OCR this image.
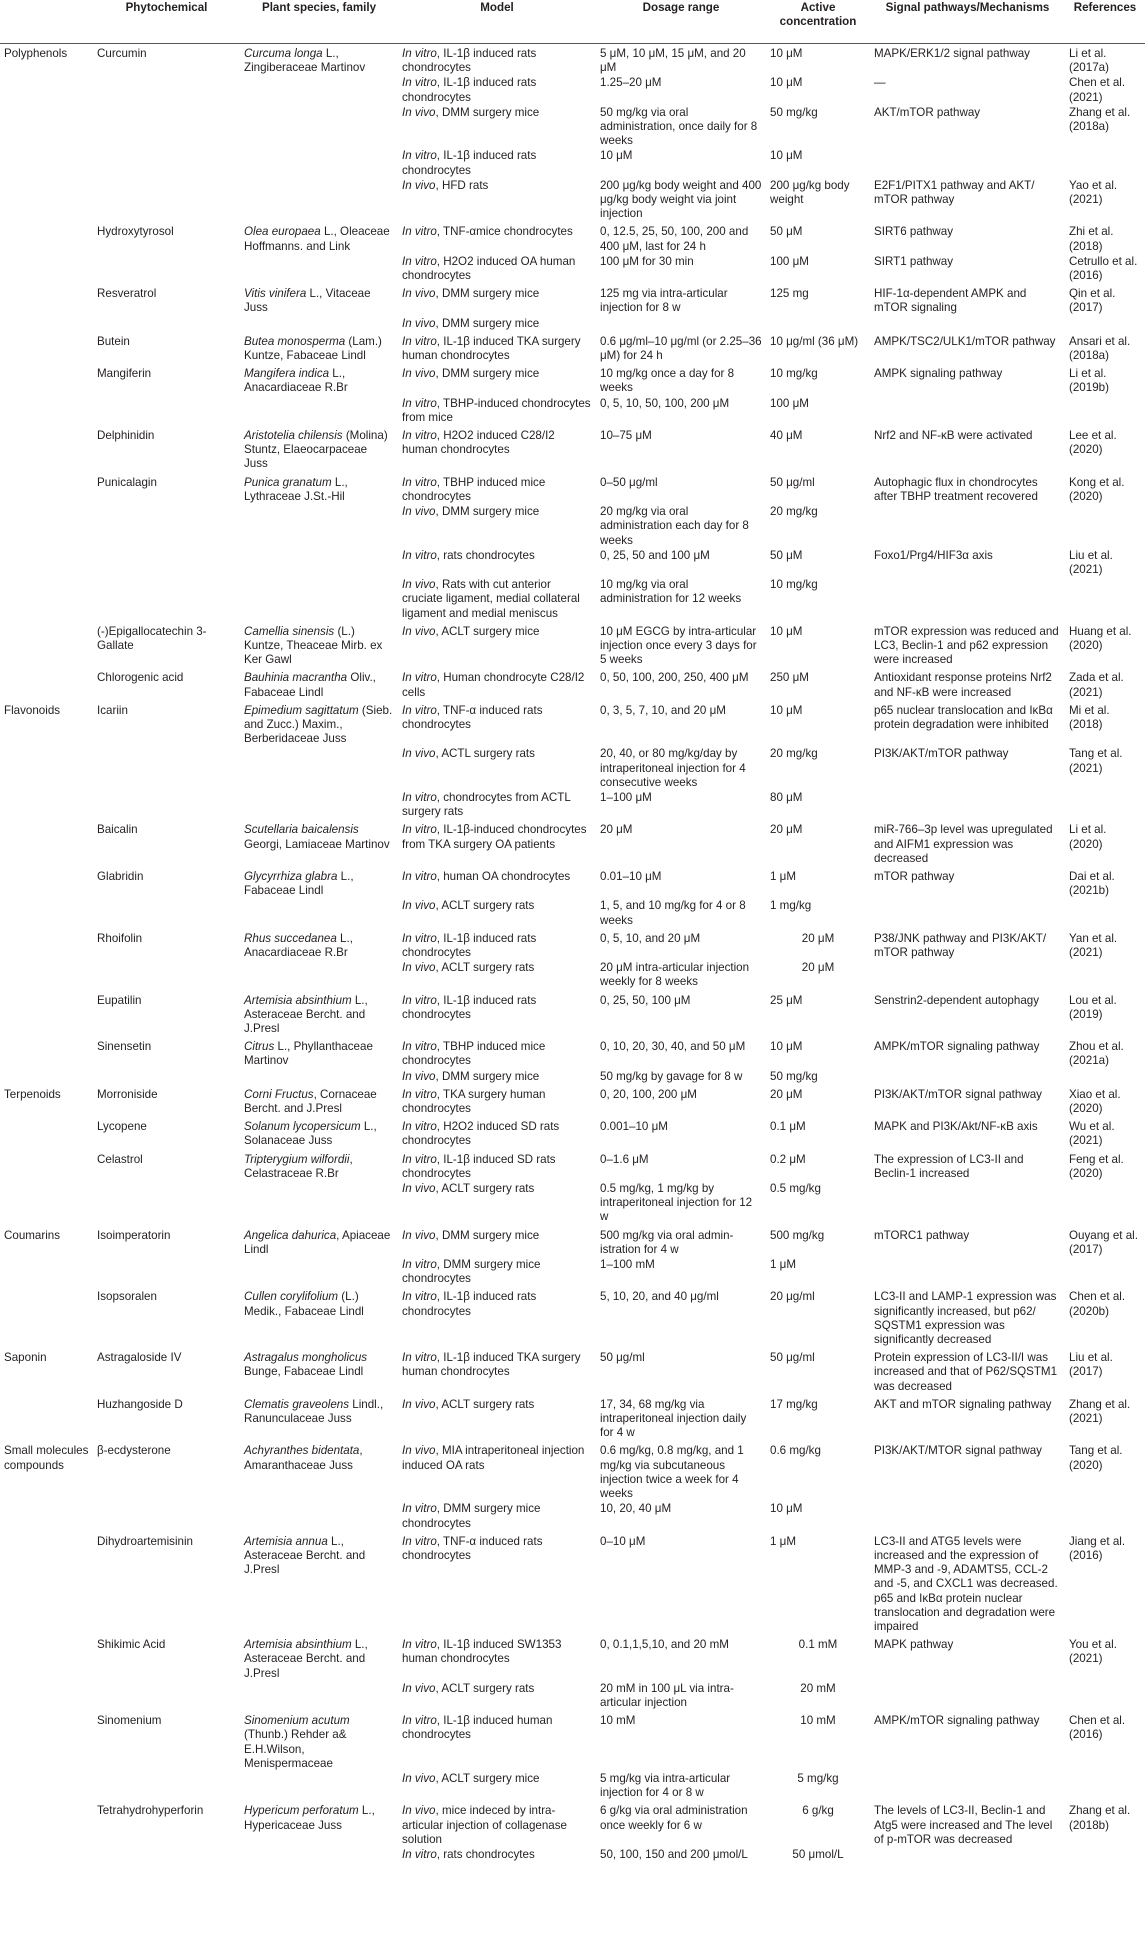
	Phytochemical	Plant species, family	Model	Dosage range	Active concentration	Signal pathways/Mechanisms	References
Polyphenols	Curcumin	Curcuma longa L., Zingiberaceae Martinov	In vitro, IL-1β induced rats chondrocytes	5 μM, 10 μM, 15 μM, and 20 μM	10 μM	MAPK/ERK1/2 signal pathway	Li et al. (2017a)
			In vitro, IL-1β induced rats chondrocytes	1.25–20 μM	10 μM	—	Chen et al. (2021)
			In vivo, DMM surgery mice	50 mg/kg via oral administration, once daily for 8 weeks	50 mg/kg	AKT/mTOR pathway	Zhang et al. (2018a)
			In vitro, IL-1β induced rats chondrocytes	10 μM	10 μM		
			In vivo, HFD rats	200 μg/kg body weight and 400 μg/kg body weight via joint injection	200 μg/kg body weight	E2F1/PITX1 pathway and AKT/ mTOR pathway	Yao et al. (2021)
	Hydroxytyrosol	Olea europaea L., Oleaceae Hoffmanns. and Link	In vitro, TNF-αmice chondrocytes	0, 12.5, 25, 50, 100, 200 and 400 μM, last for 24 h	50 μM	SIRT6 pathway	Zhi et al. (2018)
			In vitro, H2O2 induced OA human chondrocytes	100 μM for 30 min	100 μM	SIRT1 pathway	Cetrullo et al. (2016)
	Resveratrol	Vitis vinifera L., Vitaceae Juss	In vivo, DMM surgery mice	125 mg via intra-articular injection for 8 w	125 mg	HIF-1α-dependent AMPK and mTOR signaling	Qin et al. (2017)
			In vivo, DMM surgery mice				
	Butein	Butea monosperma (Lam.) Kuntze, Fabaceae Lindl	In vitro, IL-1β induced TKA surgery human chondrocytes	0.6 μg/ml–10 μg/ml (or 2.25–36 μM) for 24 h	10 μg/ml (36 μM)	AMPK/TSC2/ULK1/mTOR pathway	Ansari et al. (2018a)
	Mangiferin	Mangifera indica L., Anacardiaceae R.Br	In vivo, DMM surgery mice	10 mg/kg once a day for 8 weeks	10 mg/kg	AMPK signaling pathway	Li et al. (2019b)
			In vitro, TBHP-induced chondrocytes from mice	0, 5, 10, 50, 100, 200 μM	100 μM		
	Delphinidin	Aristotelia chilensis (Molina) Stuntz, Elaeocarpaceae Juss	In vitro, H2O2 induced C28/I2 human chondrocytes	10–75 μM	40 μM	Nrf2 and NF-κB were activated	Lee et al. (2020)
	Punicalagin	Punica granatum L., Lythraceae J.St.-Hil	In vitro, TBHP induced mice chondrocytes	0–50 μg/ml	50 μg/ml	Autophagic flux in chondrocytes after TBHP treatment recovered	Kong et al. (2020)
			In vivo, DMM surgery mice	20 mg/kg via oral administration each day for 8 weeks	20 mg/kg		
			In vitro, rats chondrocytes	0, 25, 50 and 100 μM	50 μM	Foxo1/Prg4/HIF3α axis	Liu et al. (2021)
			In vivo, Rats with cut anterior cruciate ligament, medial collateral ligament and medial meniscus	10 mg/kg via oral administration for 12 weeks	10 mg/kg		
	(-)Epigallocatechin 3-Gallate	Camellia sinensis (L.) Kuntze, Theaceae Mirb. ex Ker Gawl	In vivo, ACLT surgery mice	10 μM EGCG by intra-articular injection once every 3 days for 5 weeks	10 μM	mTOR expression was reduced and LC3, Beclin-1 and p62 expression were increased	Huang et al. (2020)
	Chlorogenic acid	Bauhinia macrantha Oliv., Fabaceae Lindl	In vitro, Human chondrocyte C28/I2 cells	0, 50, 100, 200, 250, 400 μM	250 μM	Antioxidant response proteins Nrf2 and NF-κB were increased	Zada et al. (2021)
Flavonoids	Icariin	Epimedium sagittatum (Sieb. and Zucc.) Maxim., Berberidaceae Juss	In vitro, TNF-α induced rats chondrocytes	0, 3, 5, 7, 10, and 20 μM	10 μM	p65 nuclear translocation and IκBα protein degradation were inhibited	Mi et al. (2018)
			In vivo, ACTL surgery rats	20, 40, or 80 mg/kg/day by intraperitoneal injection for 4 consecutive weeks	20 mg/kg	PI3K/AKT/mTOR pathway	Tang et al. (2021)
			In vitro, chondrocytes from ACTL surgery rats	1–100 μM	80 μM		
	Baicalin	Scutellaria baicalensis Georgi, Lamiaceae Martinov	In vitro, IL-1β-induced chondrocytes from TKA surgery OA patients	20 μM	20 μM	miR-766–3p level was upregulated and AIFM1 expression was decreased	Li et al. (2020)
	Glabridin	Glycyrrhiza glabra L., Fabaceae Lindl	In vitro, human OA chondrocytes	0.01–10 μM	1 μM	mTOR pathway	Dai et al. (2021b)
			In vivo, ACLT surgery rats	1, 5, and 10 mg/kg for 4 or 8 weeks	1 mg/kg		
	Rhoifolin	Rhus succedanea L., Anacardiaceae R.Br	In vitro, IL-1β induced rats chondrocytes	0, 5, 10, and 20 μM	20 μM	P38/JNK pathway and PI3K/AKT/ mTOR pathway	Yan et al. (2021)
			In vivo, ACLT surgery rats	20 μM intra-articular injection weekly for 8 weeks	20 μM		
	Eupatilin	Artemisia absinthium L., Asteraceae Bercht. and J.Presl	In vitro, IL-1β induced rats chondrocytes	0, 25, 50, 100 μM	25 μM	Senstrin2-dependent autophagy	Lou et al. (2019)
	Sinensetin	Citrus L., Phyllanthaceae Martinov	In vitro, TBHP induced mice chondrocytes	0, 10, 20, 30, 40, and 50 μM	10 μM	AMPK/mTOR signaling pathway	Zhou et al. (2021a)
			In vivo, DMM surgery mice	50 mg/kg by gavage for 8 w	50 mg/kg		
Terpenoids	Morroniside	Corni Fructus, Cornaceae Bercht. and J.Presl	In vitro, TKA surgery human chondrocytes	0, 20, 100, 200 μM	20 μM	PI3K/AKT/mTOR signal pathway	Xiao et al. (2020)
	Lycopene	Solanum lycopersicum L., Solanaceae Juss	In vitro, H2O2 induced SD rats chondrocytes	0.001–10 μM	0.1 μM	MAPK and PI3K/Akt/NF-κB axis	Wu et al. (2021)
	Celastrol	Tripterygium wilfordii, Celastraceae R.Br	In vitro, IL-1β induced SD rats chondrocytes	0–1.6 μM	0.2 μM	The expression of LC3-II and Beclin-1 increased	Feng et al. (2020)
			In vivo, ACLT surgery rats	0.5 mg/kg, 1 mg/kg by intraperitoneal injection for 12 w	0.5 mg/kg		
Coumarins	Isoimperatorin	Angelica dahurica, Apiaceae Lindl	In vivo, DMM surgery mice	500 mg/kg via oral admin-istration for 4 w	500 mg/kg	mTORC1 pathway	Ouyang et al. (2017)
			In vitro, DMM surgery mice chondrocytes	1–100 mM	1 μM		
	Isopsoralen	Cullen corylifolium (L.) Medik., Fabaceae Lindl	In vitro, IL-1β induced rats chondrocytes	5, 10, 20, and 40 μg/ml	20 μg/ml	LC3-II and LAMP-1 expression was significantly increased, but p62/ SQSTM1 expression was significantly decreased	Chen et al. (2020b)
Saponin	Astragaloside IV	Astragalus mongholicus Bunge, Fabaceae Lindl	In vitro, IL-1β induced TKA surgery human chondrocytes	50 μg/ml	50 μg/ml	Protein expression of LC3-II/I was increased and that of P62/SQSTM1 was decreased	Liu et al. (2017)
	Huzhangoside D	Clematis graveolens Lindl., Ranunculaceae Juss	In vivo, ACLT surgery rats	17, 34, 68 mg/kg via intraperitoneal injection daily for 4 w	17 mg/kg	AKT and mTOR signaling pathway	Zhang et al. (2021)
Small molecules compounds	β-ecdysterone	Achyranthes bidentata, Amaranthaceae Juss	In vivo, MIA intraperitoneal injection induced OA rats	0.6 mg/kg, 0.8 mg/kg, and 1 mg/kg via subcutaneous injection twice a week for 4 weeks	0.6 mg/kg	PI3K/AKT/MTOR signal pathway	Tang et al. (2020)
			In vitro, DMM surgery mice chondrocytes	10, 20, 40 μM	10 μM		
	Dihydroartemisinin	Artemisia annua L., Asteraceae Bercht. and J.Presl	In vitro, TNF-α induced rats chondrocytes	0–10 μM	1 μM	LC3-II and ATG5 levels were increased and the expression of MMP-3 and -9, ADAMTS5, CCL-2 and -5, and CXCL1 was decreased. p65 and IκBα protein nuclear translocation and degradation were impaired	Jiang et al. (2016)
	Shikimic Acid	Artemisia absinthium L., Asteraceae Bercht. and J.Presl	In vitro, IL-1β induced SW1353 human chondrocytes	0, 0.1,1,5,10, and 20 mM	0.1 mM	MAPK pathway	You et al. (2021)
			In vivo, ACLT surgery rats	20 mM in 100 μL via intra-articular injection	20 mM		
	Sinomenium	Sinomenium acutum (Thunb.) Rehder a& E.H.Wilson, Menispermaceae	In vitro, IL-1β induced human chondrocytes	10 mM	10 mM	AMPK/mTOR signaling pathway	Chen et al. (2016)
			In vivo, ACLT surgery mice	5 mg/kg via intra-articular injection for 4 or 8 w	5 mg/kg		
	Tetrahydrohyperforin	Hypericum perforatum L., Hypericaceae Juss	In vivo, mice indeced by intra-articular injection of collagenase solution	6 g/kg via oral administration once weekly for 6 w	6 g/kg	The levels of LC3-II, Beclin-1 and Atg5 were increased and The level of p-mTOR was decreased	Zhang et al. (2018b)
			In vitro, rats chondrocytes	50, 100, 150 and 200 μmol/L	50 μmol/L		
